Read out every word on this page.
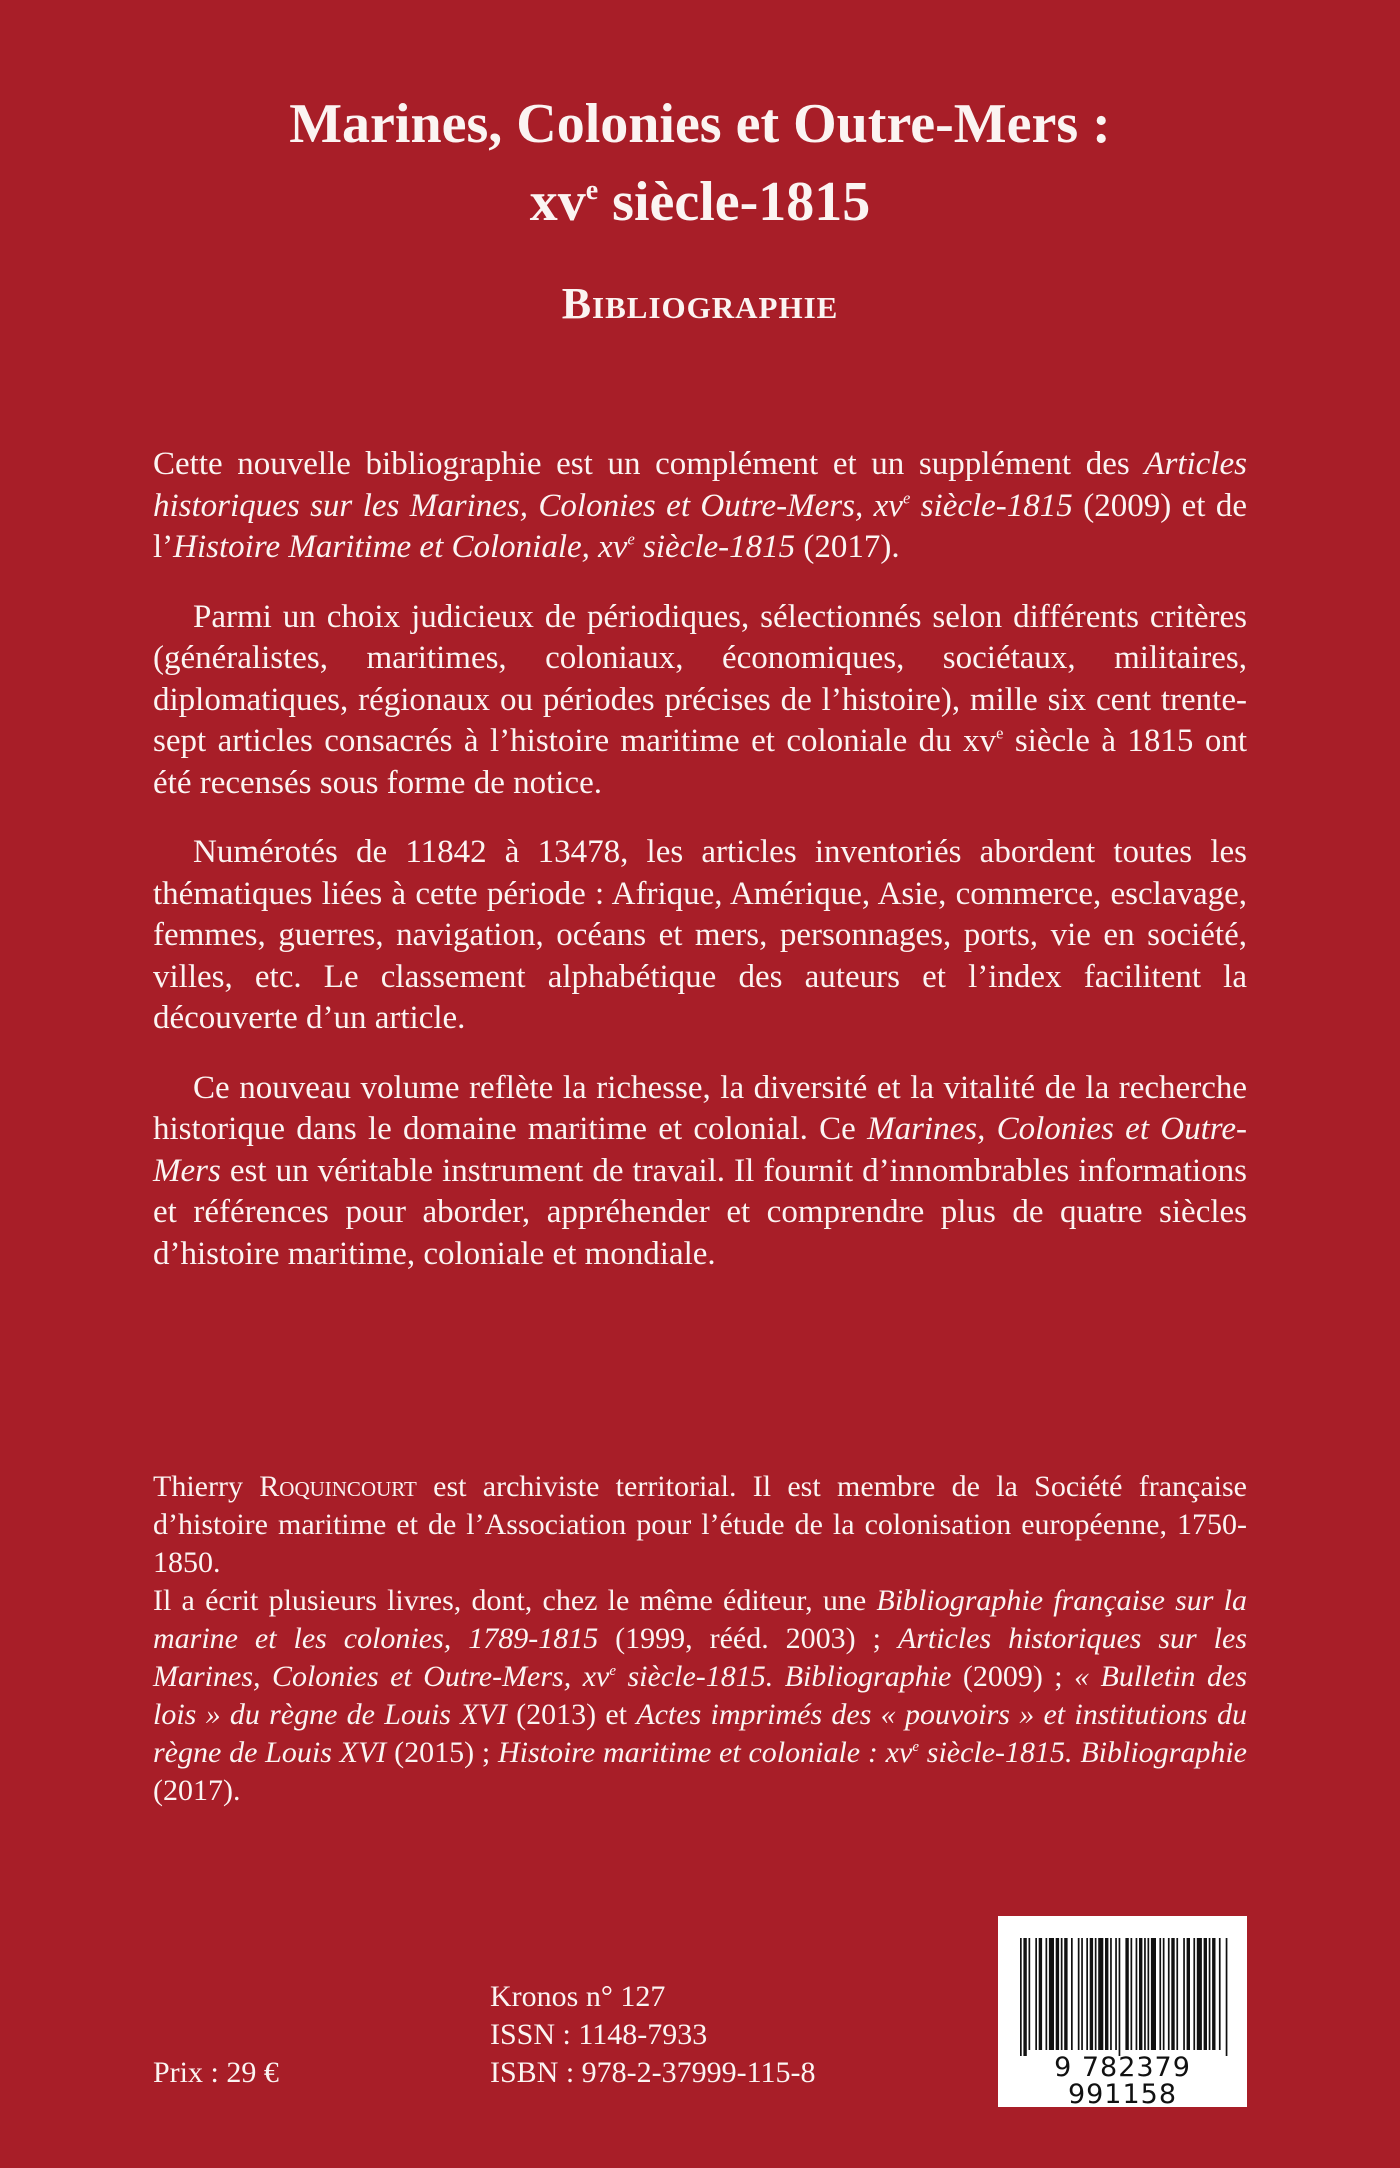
Marines, Colonies et Outre-Mers :
$xv^e$ siècle-1815
Bibliographie

Cette nouvelle bibliographie est un complément et un supplément des Articles historiques sur les Marines, Colonies et Outre-Mers, $xv^e$ siècle-1815 (2009) et de l’Histoire Maritime et Coloniale, $xv^e$ siècle-1815 (2017).

Parmi un choix judicieux de périodiques, sélectionnés selon différents critères (généralistes, maritimes, coloniaux, économiques, sociétaux, militaires, diplomatiques, régionaux ou périodes précises de l’histoire), mille six cent trente-sept articles consacrés à l’histoire maritime et coloniale du $xv^e$ siècle à 1815 ont été recensés sous forme de notice.

Numérotés de 11842 à 13478, les articles inventoriés abordent toutes les thématiques liées à cette période : Afrique, Amérique, Asie, commerce, esclavage, femmes, guerres, navigation, océans et mers, personnages, ports, vie en société, villes, etc. Le classement alphabétique des auteurs et l’index facilitent la découverte d’un article.

Ce nouveau volume reflète la richesse, la diversité et la vitalité de la recherche historique dans le domaine maritime et colonial. Ce Marines, Colonies et Outre-Mers est un véritable instrument de travail. Il fournit d’innombrables informations et références pour aborder, appréhender et comprendre plus de quatre siècles d’histoire maritime, coloniale et mondiale.

Thierry Roquincourt est archiviste territorial. Il est membre de la Société française d’histoire maritime et de l’Association pour l’étude de la colonisation européenne, 1750-1850.

Il a écrit plusieurs livres, dont, chez le même éditeur, une Bibliographie française sur la marine et les colonies, 1789-1815 (1999, rééd. 2003) ; Articles historiques sur les Marines, Colonies et Outre-Mers, $xv^e$ siècle-1815. Bibliographie (2009) ; « Bulletin des lois » du règne de Louis XVI (2013) et Actes imprimés des « pouvoirs » et institutions du règne de Louis XVI (2015) ; Histoire maritime et coloniale : $xv^e$ siècle-1815. Bibliographie (2017).

Kronos n° 127
ISSN : 1148-7933
ISBN : 978-2-37999-115-8
Prix : 29 €	9 782379 991158
